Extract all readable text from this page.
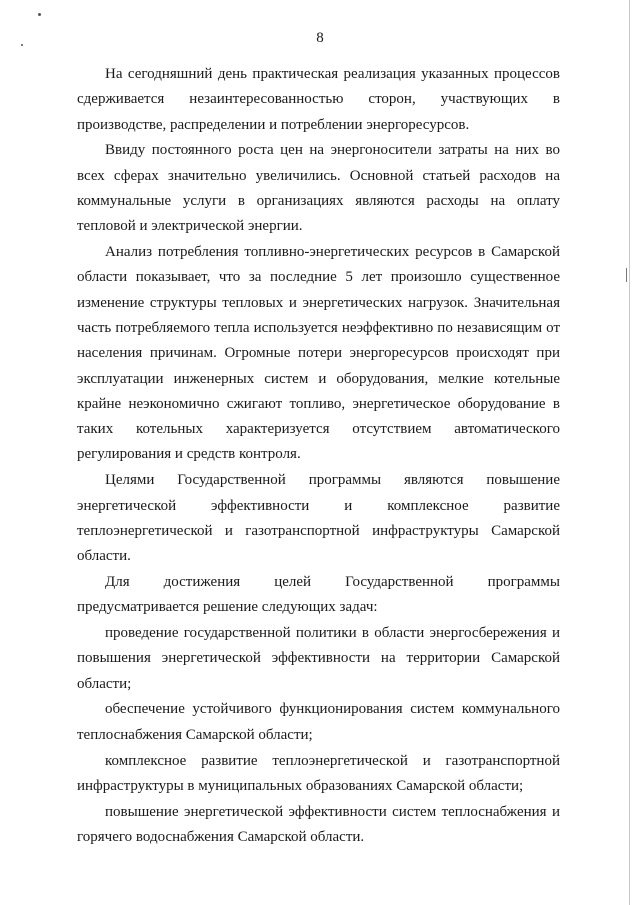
8

На сегодняшний день практическая реализация указанных процессов сдерживается незаинтересованностью сторон, участвующих в производстве, распределении и потреблении энергоресурсов.

Ввиду постоянного роста цен на энергоносители затраты на них во всех сферах значительно увеличились. Основной статьей расходов на коммунальные услуги в организациях являются расходы на оплату тепловой и электрической энергии.

Анализ потребления топливно-энергетических ресурсов в Самарской области показывает, что за последние 5 лет произошло существенное изменение структуры тепловых и энергетических нагрузок. Значительная часть потребляемого тепла используется неэффективно по независящим от населения причинам. Огромные потери энергоресурсов происходят при эксплуатации инженерных систем и оборудования, мелкие котельные крайне неэкономично сжигают топливо, энергетическое оборудование в таких котельных характеризуется отсутствием автоматического регулирования и средств контроля.

Целями Государственной программы являются повышение энергетической эффективности и комплексное развитие теплоэнергетической и газотранспортной инфраструктуры Самарской области.

Для достижения целей Государственной программы предусматривается решение следующих задач:

проведение государственной политики в области энергосбережения и повышения энергетической эффективности на территории Самарской области;

обеспечение устойчивого функционирования систем коммунального теплоснабжения Самарской области;

комплексное развитие теплоэнергетической и газотранспортной инфраструктуры в муниципальных образованиях Самарской области;

повышение энергетической эффективности систем теплоснабжения и горячего водоснабжения Самарской области.
